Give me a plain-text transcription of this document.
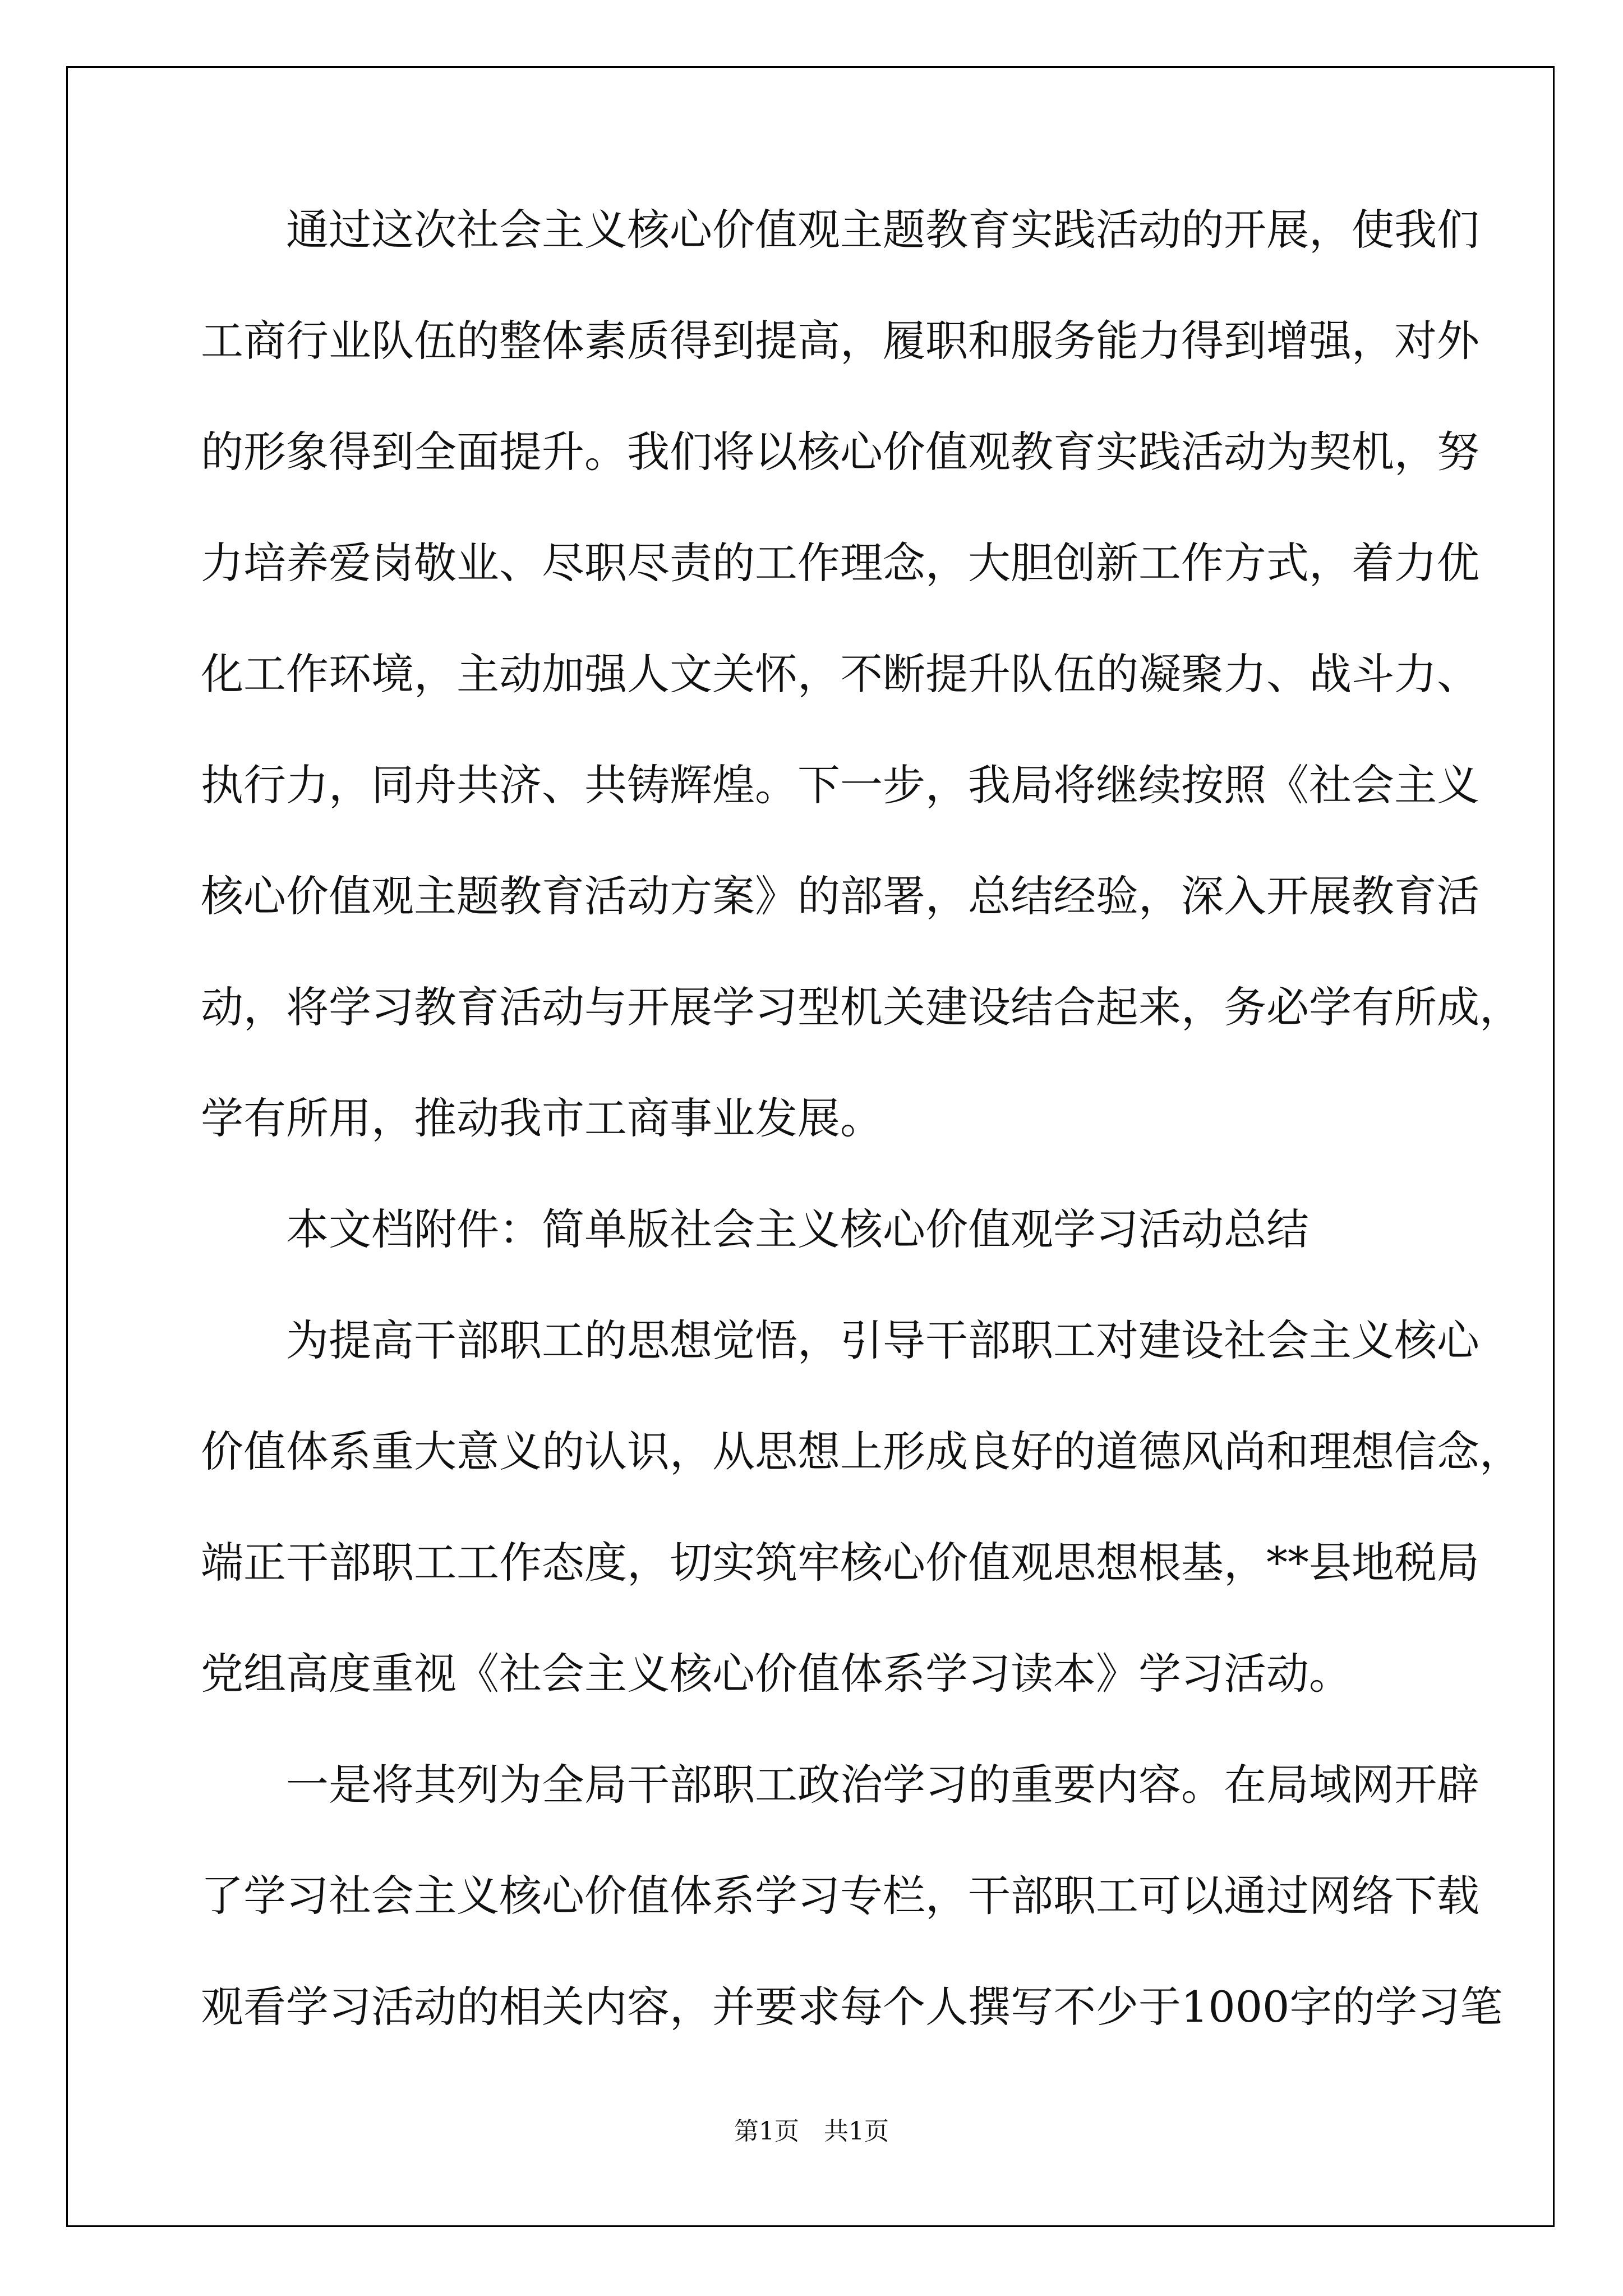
　　通过这次社会主义核心价值观主题教育实践活动的开展，使我们
工商行业队伍的整体素质得到提高，履职和服务能力得到增强，对外
的形象得到全面提升。我们将以核心价值观教育实践活动为契机，努
力培养爱岗敬业、尽职尽责的工作理念，大胆创新工作方式，着力优
化工作环境，主动加强人文关怀，不断提升队伍的凝聚力、战斗力、
执行力，同舟共济、共铸辉煌。下一步，我局将继续按照《社会主义
核心价值观主题教育活动方案》的部署，总结经验，深入开展教育活
动，将学习教育活动与开展学习型机关建设结合起来，务必学有所成，
学有所用，推动我市工商事业发展。
　　本文档附件：简单版社会主义核心价值观学习活动总结
　　为提高干部职工的思想觉悟，引导干部职工对建设社会主义核心
价值体系重大意义的认识，从思想上形成良好的道德风尚和理想信念，
端正干部职工工作态度，切实筑牢核心价值观思想根基，**县地税局
党组高度重视《社会主义核心价值体系学习读本》学习活动。
　　一是将其列为全局干部职工政治学习的重要内容。在局域网开辟
了学习社会主义核心价值体系学习专栏，干部职工可以通过网络下载
观看学习活动的相关内容，并要求每个人撰写不少于1000字的学习笔
第1页　共1页
